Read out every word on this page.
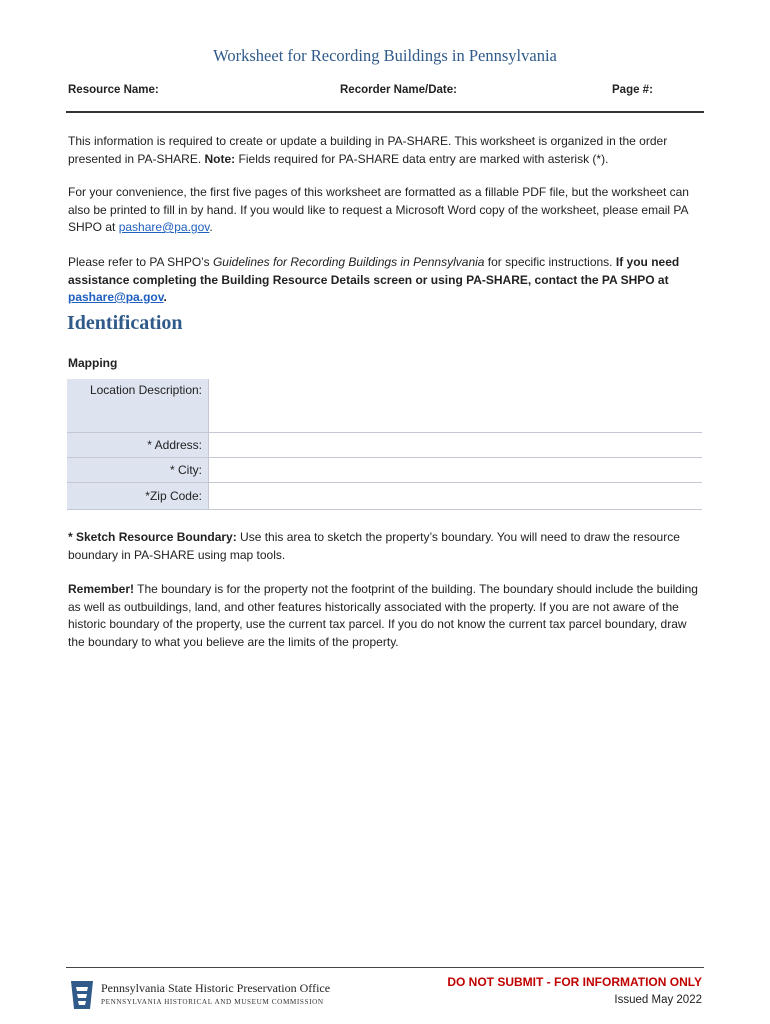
Worksheet for Recording Buildings in Pennsylvania
Resource Name:	Recorder Name/Date:	Page #:
This information is required to create or update a building in PA-SHARE. This worksheet is organized in the order presented in PA-SHARE. Note: Fields required for PA-SHARE data entry are marked with asterisk (*).
For your convenience, the first five pages of this worksheet are formatted as a fillable PDF file, but the worksheet can also be printed to fill in by hand. If you would like to request a Microsoft Word copy of the worksheet, please email PA SHPO at pashare@pa.gov.
Please refer to PA SHPO’s Guidelines for Recording Buildings in Pennsylvania for specific instructions. If you need assistance completing the Building Resource Details screen or using PA-SHARE, contact the PA SHPO at pashare@pa.gov.
Identification
Mapping
Location Description:	
* Address:	
* City:	
*Zip Code:	
* Sketch Resource Boundary: Use this area to sketch the property’s boundary. You will need to draw the resource boundary in PA-SHARE using map tools.
Remember! The boundary is for the property not the footprint of the building. The boundary should include the building as well as outbuildings, land, and other features historically associated with the property. If you are not aware of the historic boundary of the property, use the current tax parcel. If you do not know the current tax parcel boundary, draw the boundary to what you believe are the limits of the property.
Pennsylvania State Historic Preservation Office
PENNSYLVANIA HISTORICAL AND MUSEUM COMMISSION
DO NOT SUBMIT - FOR INFORMATION ONLY
Issued May 2022
